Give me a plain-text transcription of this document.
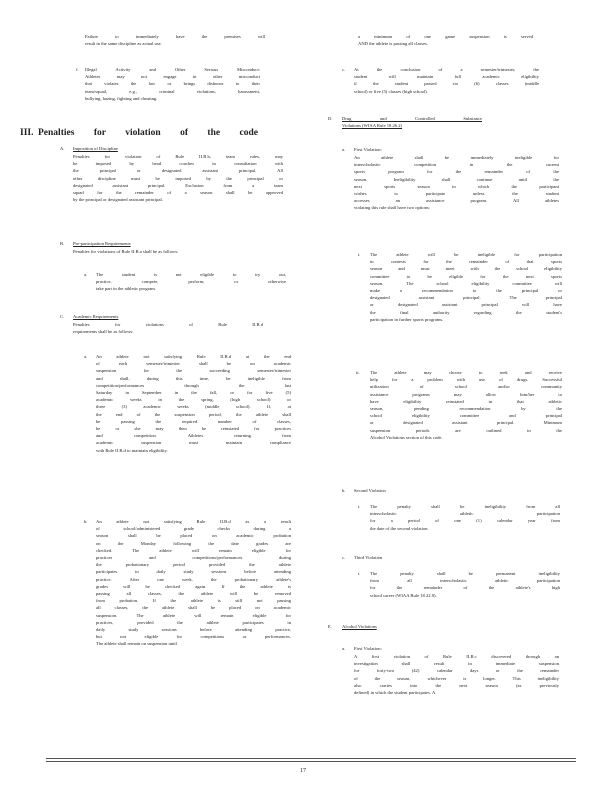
Failure to immediately have the premises will
result in the same discipline as actual use.
f. Illegal Activity and Other Serious Misconduct:
Athletes may not engage in other misconduct
that violates the law or brings dishonor to their
team/squad, e.g., criminal violations, harassment,
bullying, hazing, fighting and cheating.
III. Penalties for violation of the code
A. Imposition of Discipline
Penalties for violation of Rule II.B.b, team rules, may
be imposed by head coaches in consultation with
the principal or designated assistant principal. All
other discipline must be imposed by the principal or
designated assistant principal. Exclusion from a team
squad for the remainder of a season shall be approved
by the principal or designated assistant principal.
B. Pre-participation Requirements
Penalties for violations of Rule II.B.a shall be as follows:
a. The student is not eligible to try out,
practice, compete, perform, or otherwise
take part in the athletic program.
C. Academic Requirements
Penalties for violations of Rule II.B.d
requirements shall be as follows:
a. An athlete not satisfying Rule II.B.d at the end
of each semester/trimester shall be on academic
suspension for the succeeding semester/trimester
and shall, during this time, be ineligible from
competition/performances through the last
Saturday in September in the fall, or for five (5)
academic weeks in the spring, (high school) or
three (3) academic weeks (middle school). If, at
the end of the suspension period, the athlete shall
be passing the required number of classes,
he or she may then be reinstated for practices
and competition. Athletes returning from
academic suspension must maintain compliance
with Rule II.B.d to maintain eligibility.
b. An athlete not satisfying Rule II.B.d as a result
of school/administered grade checks during a
season shall be placed on academic probation
on the Monday following the date grades are
checked. The athlete will remain eligible for
practices and competitions/performances during
the probationary period provided the athlete
participates in daily study sessions before attending
practice. After one week, the probationary athlete's
grades will be checked again. If the athlete is
passing all classes, the athlete will be removed
from probation. If the athlete is still not passing
all classes, the athlete shall be placed on academic
suspension. The athlete will remain eligible for
practices, provided the athlete participates in
daily study sessions before attending practice,
but not eligible for competitions or performances.
The athlete shall remain on suspension until
a minimum of one game suspension is served
AND the athlete is passing all classes.
c. At the conclusion of a semester/trimester, the
student will maintain full academic eligibility
if the student passed six (6) classes (middle
school) or five (5) classes (high school).
D. Drug and Controlled Substance
Violations (WIAA Rule 18.26.2)
a. First Violation:
An athlete shall be immediately ineligible for
interscholastic competition in the current
sports program for the remainder of the
season. Ineligibility shall continue until the
next sports season in which the participant
wishes to participate unless the student
accesses an assistance program. All athletes
violating this rule shall have two options:
i. The athlete will be ineligible for participation
in contests for the remainder of that sports
season and must meet with the school eligibility
committee to be eligible for the next sports
season. The school eligibility committee will
make a recommendation to the principal or
designated assistant principal. The principal
or designated assistant principal will have
the final authority regarding the student's
participation in further sports programs.
ii. The athlete may choose to seek and receive
help for a problem with use of drugs. Successful
utilization of school and/or community
assistance programs may allow him/her to
have eligibility reinstated in that athletic
season, pending recommendation by the
school eligibility committee and principal
or designated assistant principal. Minimum
suspension periods are outlined in the
Alcohol Violations section of this code.
b. Second Violation
i. The penalty shall be ineligibility from all
interscholastic athletic participation
for a period of one (1) calendar year from
the date of the second violation.
c. Third Violation
i. The penalty shall be permanent ineligibility
from all interscholastic athletic participation
for the remainder of the athlete's high
school career (WIAA Rule 18.22.0).
E. Alcohol Violations
a. First Violation:
A first violation of Rule II.B.c discovered through an
investigation shall result in immediate suspension
for forty-two (42) calendar days or the remainder
of the season, whichever is longer. This ineligibility
also carries into the next season (as previously
defined) in which the student participates. A
17
